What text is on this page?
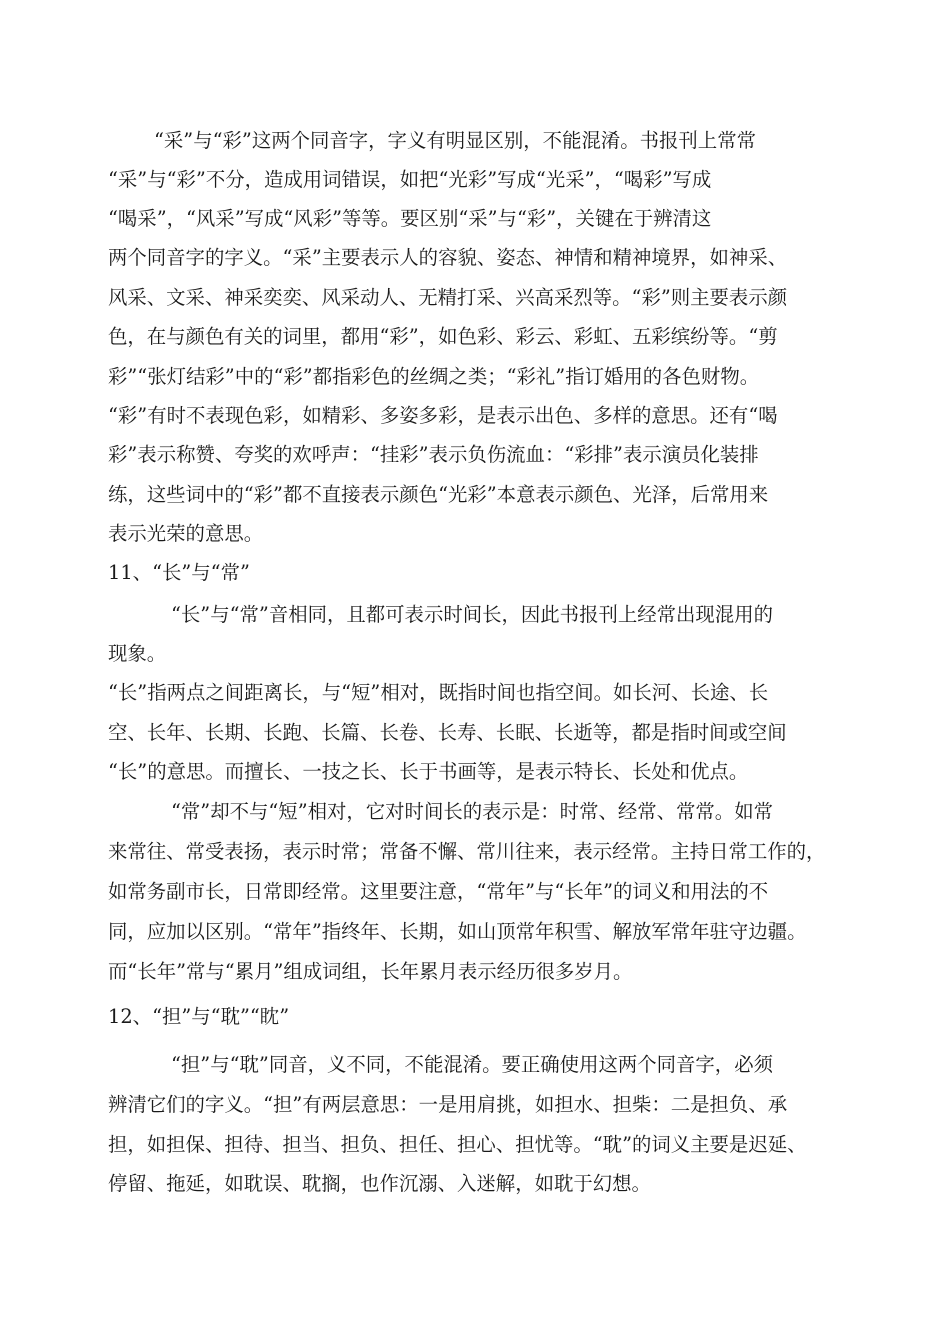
“采”与“彩”这两个同音字，字义有明显区别，不能混淆。书报刊上常常
“采”与“彩”不分，造成用词错误，如把“光彩”写成“光采”，“喝彩”写成
“喝采”，“风采”写成“风彩”等等。要区别“采”与“彩”，关键在于辨清这
两个同音字的字义。“采”主要表示人的容貌、姿态、神情和精神境界，如神采、
风采、文采、神采奕奕、风采动人、无精打采、兴高采烈等。“彩”则主要表示颜
色，在与颜色有关的词里，都用“彩”，如色彩、彩云、彩虹、五彩缤纷等。“剪
彩”“张灯结彩”中的“彩”都指彩色的丝绸之类；“彩礼”指订婚用的各色财物。
“彩”有时不表现色彩，如精彩、多姿多彩，是表示出色、多样的意思。还有“喝
彩”表示称赞、夸奖的欢呼声：“挂彩”表示负伤流血：“彩排”表示演员化装排
练，这些词中的“彩”都不直接表示颜色“光彩”本意表示颜色、光泽，后常用来
表示光荣的意思。
11、“长”与“常”
“长”与“常”音相同，且都可表示时间长，因此书报刊上经常出现混用的
现象。
“长”指两点之间距离长，与“短”相对，既指时间也指空间。如长河、长途、长
空、长年、长期、长跑、长篇、长卷、长寿、长眠、长逝等，都是指时间或空间
“长”的意思。而擅长、一技之长、长于书画等，是表示特长、长处和优点。
“常”却不与“短”相对，它对时间长的表示是：时常、经常、常常。如常
来常往、常受表扬，表示时常；常备不懈、常川往来，表示经常。主持日常工作的，
如常务副市长，日常即经常。这里要注意，“常年”与“长年”的词义和用法的不
同，应加以区别。“常年”指终年、长期，如山顶常年积雪、解放军常年驻守边疆。
而“长年”常与“累月”组成词组，长年累月表示经历很多岁月。
12、“担”与“耽”“眈”
“担”与“耽”同音，义不同，不能混淆。要正确使用这两个同音字，必须
辨清它们的字义。“担”有两层意思：一是用肩挑，如担水、担柴：二是担负、承
担，如担保、担待、担当、担负、担任、担心、担忧等。“耽”的词义主要是迟延、
停留、拖延，如耽误、耽搁，也作沉溺、入迷解，如耽于幻想。
